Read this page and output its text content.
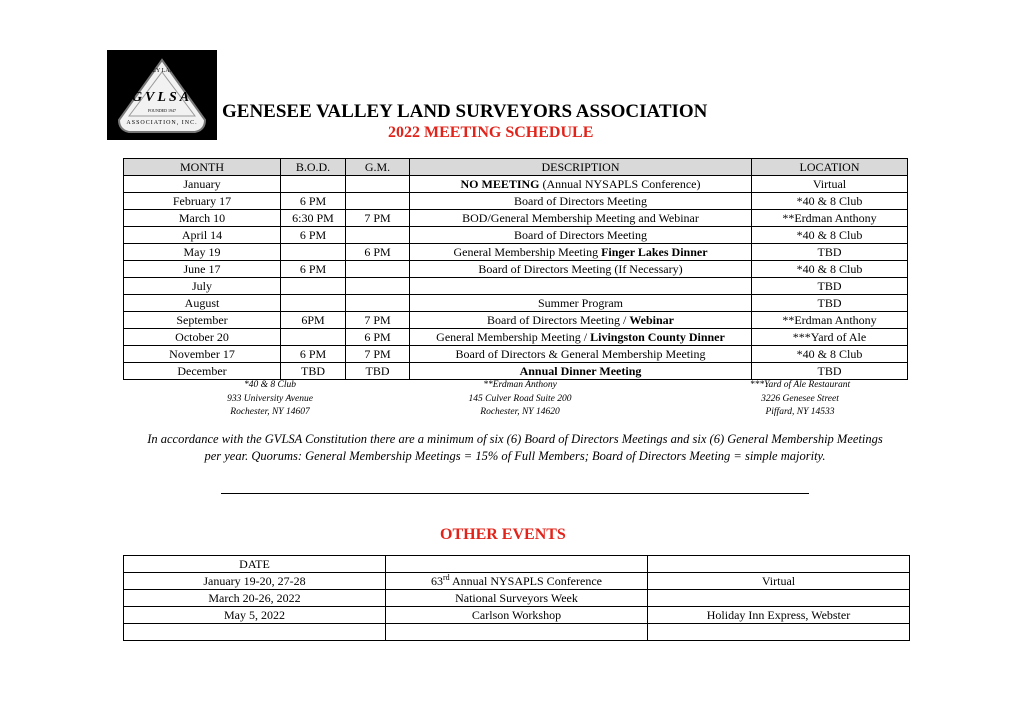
GENESEE VALLEY LAND SURVEYORS
GVLSA
FOUNDED 1947
ASSOCIATION, INC.
GENESEE VALLEY LAND SURVEYORS ASSOCIATION
2022 MEETING SCHEDULE
MONTH	B.O.D.	G.M.	DESCRIPTION	LOCATION
January			NO MEETING (Annual NYSAPLS Conference)	Virtual
February 17	6 PM		Board of Directors Meeting	*40 & 8 Club
March 10	6:30 PM	7 PM	BOD/General Membership Meeting and Webinar	**Erdman Anthony
April 14	6 PM		Board of Directors Meeting	*40 & 8 Club
May 19		6 PM	General Membership Meeting Finger Lakes Dinner	TBD
June 17	6 PM		Board of Directors Meeting (If Necessary)	*40 & 8 Club
July				TBD
August			Summer Program	TBD
September	6PM	7 PM	Board of Directors Meeting / Webinar	**Erdman Anthony
October 20		6 PM	General Membership Meeting / Livingston County Dinner	***Yard of Ale
November 17	6 PM	7 PM	Board of Directors & General Membership Meeting	*40 & 8 Club
December	TBD	TBD	Annual Dinner Meeting	TBD
*40 & 8 Club
933 University Avenue
Rochester, NY 14607
**Erdman Anthony
145 Culver Road Suite 200
Rochester, NY 14620
***Yard of Ale Restaurant
3226 Genesee Street
Piffard, NY 14533
In accordance with the GVLSA Constitution there are a minimum of six (6) Board of Directors Meetings and six (6) General Membership Meetings per year. Quorums: General Membership Meetings = 15% of Full Members; Board of Directors Meeting = simple majority.
OTHER EVENTS
DATE		
January 19-20, 27-28	63rd Annual NYSAPLS Conference	Virtual
March 20-26, 2022	National Surveyors Week	
May 5, 2022	Carlson Workshop	Holiday Inn Express, Webster
